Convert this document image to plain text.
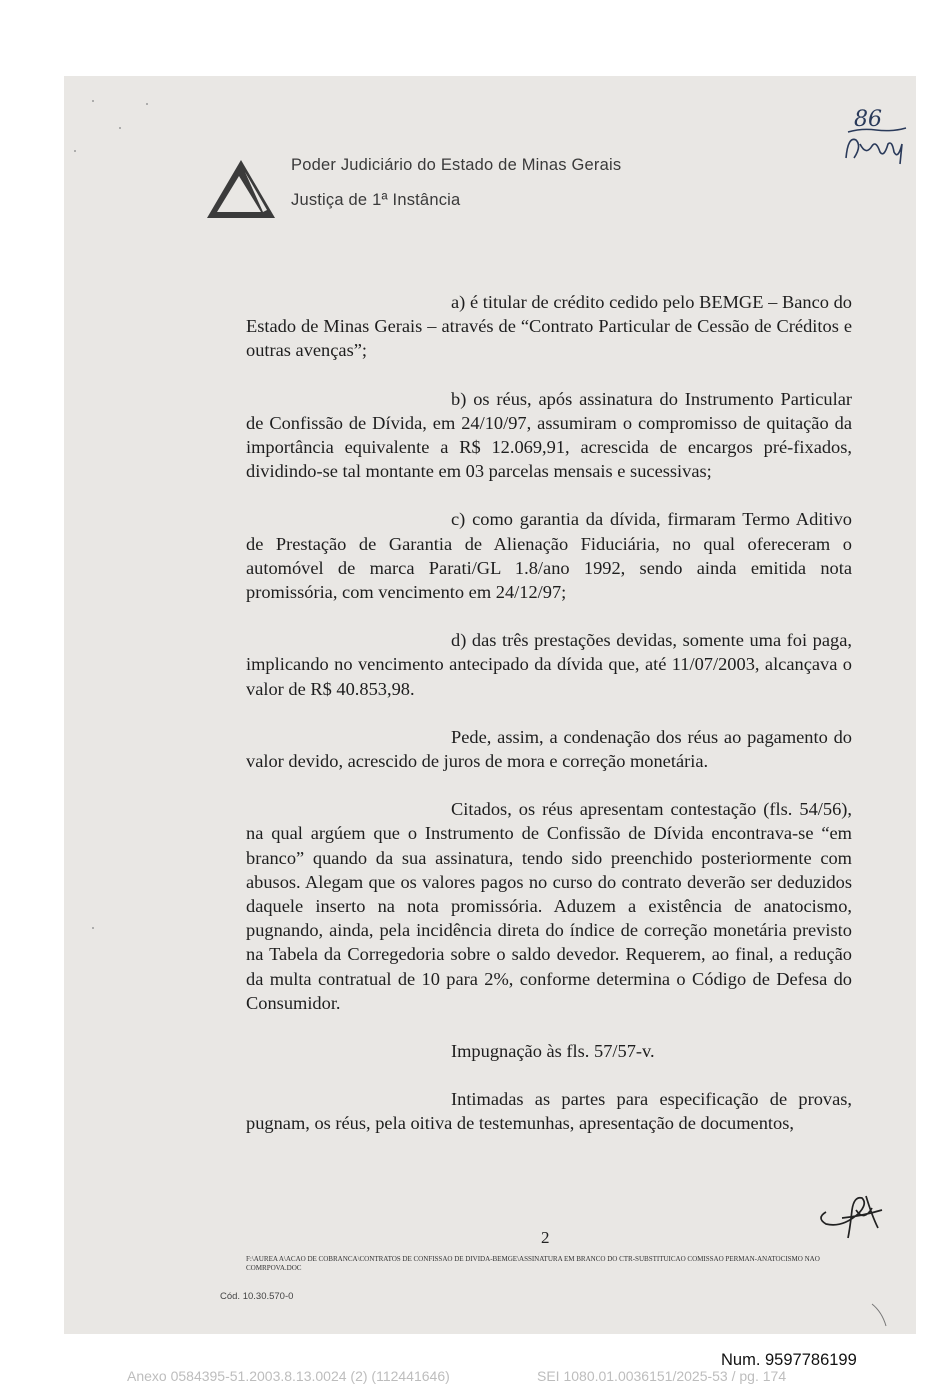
Poder Judiciário do Estado de Minas Gerais
Justiça de 1ª Instância
86

a) é titular de crédito cedido pelo BEMGE – Banco do Estado de Minas Gerais – através de “Contrato Particular de Cessão de Créditos e outras avenças”;

b) os réus, após assinatura do Instrumento Particular de Confissão de Dívida, em 24/10/97, assumiram o compromisso de quitação da importância equivalente a R$ 12.069,91, acrescida de encargos pré-fixados, dividindo-se tal montante em 03 parcelas mensais e sucessivas;

c) como garantia da dívida, firmaram Termo Aditivo de Prestação de Garantia de Alienação Fiduciária, no qual ofereceram o automóvel de marca Parati/GL 1.8/ano 1992, sendo ainda emitida nota promissória, com vencimento em 24/12/97;

d) das três prestações devidas, somente uma foi paga, implicando no vencimento antecipado da dívida que, até 11/07/2003, alcançava o valor de R$ 40.853,98.

Pede, assim, a condenação dos réus ao pagamento do valor devido, acrescido de juros de mora e correção monetária.

Citados, os réus apresentam contestação (fls. 54/56), na qual argúem que o Instrumento de Confissão de Dívida encontrava-se “em branco” quando da sua assinatura, tendo sido preenchido posteriormente com abusos. Alegam que os valores pagos no curso do contrato deverão ser deduzidos daquele inserto na nota promissória. Aduzem a existência de anatocismo, pugnando, ainda, pela incidência direta do índice de correção monetária previsto na Tabela da Corregedoria sobre o saldo devedor. Requerem, ao final, a redução da multa contratual de 10 para 2%, conforme determina o Código de Defesa do Consumidor.

Impugnação às fls. 57/57-v.

Intimadas as partes para especificação de provas, pugnam, os réus, pela oitiva de testemunhas, apresentação de documentos,

2
F:\AUREA A\ACAO DE COBRANCA\CONTRATOS DE CONFISSAO DE DIVIDA-BEMGE\ASSINATURA EM BRANCO DO CTR-SUBSTITUICAO COMISSAO PERMAN-ANATOCISMO NAO COMRPOVA.DOC
Cód. 10.30.570-0
Num. 9597786199
Anexo 0584395-51.2003.8.13.0024 (2) (112441646)	SEI 1080.01.0036151/2025-53 / pg. 174
